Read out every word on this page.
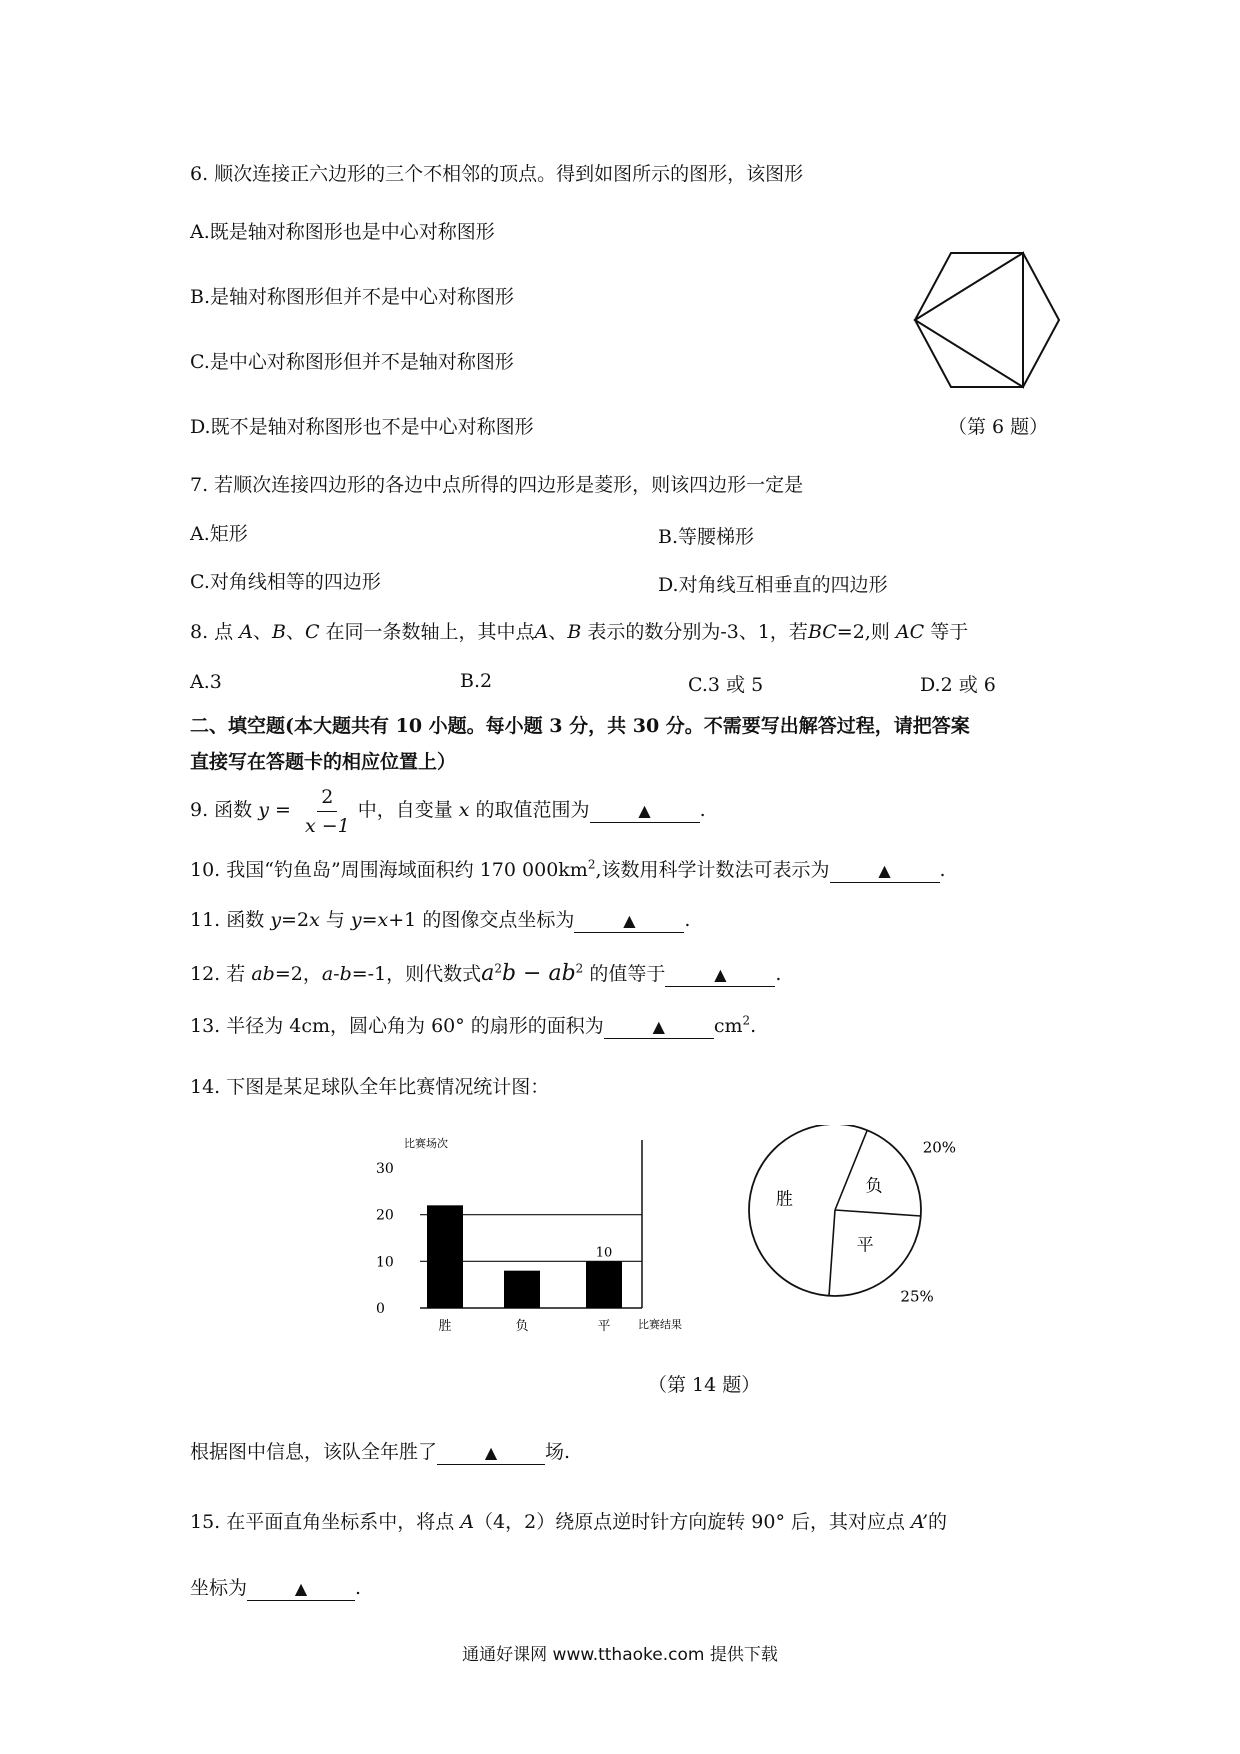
6. 顺次连接正六边形的三个不相邻的顶点。得到如图所示的图形，该图形
A.既是轴对称图形也是中心对称图形
B.是轴对称图形但并不是中心对称图形
C.是中心对称图形但并不是轴对称图形
D.既不是轴对称图形也不是中心对称图形	（第 6 题）
7. 若顺次连接四边形的各边中点所得的四边形是菱形，则该四边形一定是
A.矩形	B.等腰梯形
C.对角线相等的四边形	D.对角线互相垂直的四边形
8. 点 A、B、C 在同一条数轴上，其中点A、B 表示的数分别为-3、1，若BC=2,则 AC 等于
A.3	B.2	C.3 或 5	D.2 或 6
二、填空题(本大题共有 10 小题。每小题 3 分，共 30 分。不需要写出解答过程，请把答案
直接写在答题卡的相应位置上）
9. 函数 $y = \frac{2}{x -1}$ 中，自变量 x 的取值范围为	▲	.
10. 我国“钓鱼岛”周围海域面积约 170 $000km^2$,该数用科学计数法可表示为	▲	.
11. 函数 y=2x 与 y=x+1 的图像交点坐标为	▲	.
12. 若 ab=2，a-b=-1，则代数式$a^2b - ab^2$ 的值等于	▲	.
13. 半径为 4cm，圆心角为 60° 的扇形的面积为	▲	$cm^2$.
14. 下图是某足球队全年比赛情况统计图：
0
10
20
30
比赛场次
比赛结果
胜	负	平
10
负
20%
平
25%
胜
（第 14 题）
根据图中信息，该队全年胜了	▲	场.
15. 在平面直角坐标系中，将点 A（4，2）绕原点逆时针方向旋转 90° 后，其对应点 A’的
坐标为	▲	.
通通好课网 www.tthaoke.com 提供下载
